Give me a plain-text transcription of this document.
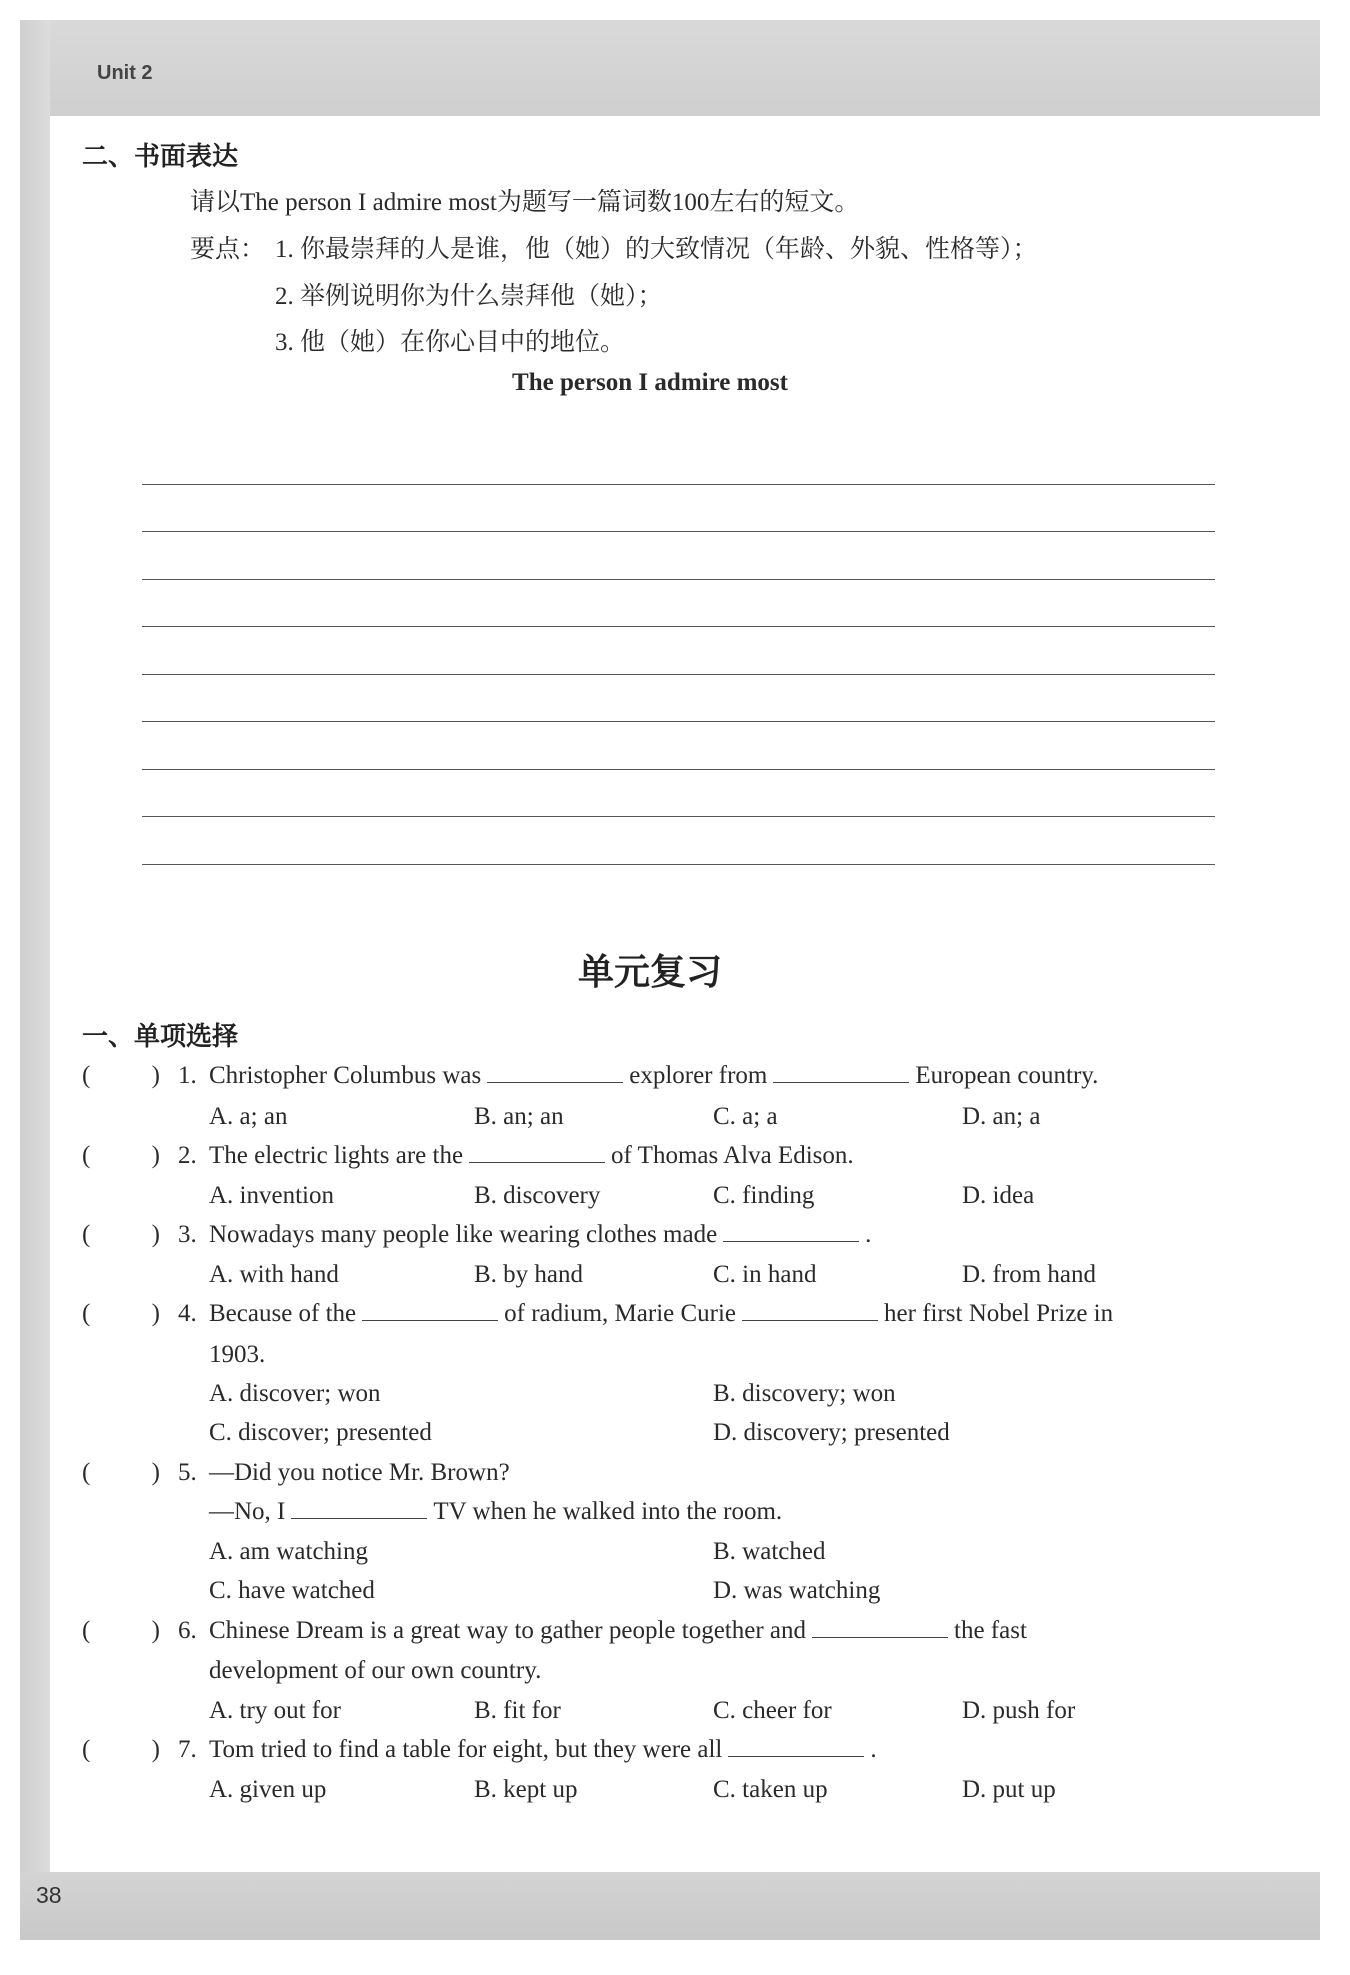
Unit 2
二、书面表达
请以The person I admire most为题写一篇词数100左右的短文。
要点： 1. 你最崇拜的人是谁，他（她）的大致情况（年龄、外貌、性格等）；
2. 举例说明你为什么崇拜他（她）；
3. 他（她）在你心目中的地位。
The person I admire most
单元复习
一、单项选择
( ) 1. Christopher Columbus was	explorer from	European country.
A. a; an	B. an; an	C. a; a	D. an; a
( ) 2. The electric lights are the	of Thomas Alva Edison.
A. invention	B. discovery	C. finding	D. idea
( ) 3. Nowadays many people like wearing clothes made	.
A. with hand	B. by hand	C. in hand	D. from hand
( ) 4. Because of the	of radium, Marie Curie	her first Nobel Prize in
1903.
A. discover; won	B. discovery; won
C. discover; presented	D. discovery; presented
( ) 5. —Did you notice Mr. Brown?
—No, I	TV when he walked into the room.
A. am watching	B. watched
C. have watched	D. was watching
( ) 6. Chinese Dream is a great way to gather people together and	the fast
development of our own country.
A. try out for	B. fit for	C. cheer for	D. push for
( ) 7. Tom tried to find a table for eight, but they were all	.
A. given up	B. kept up	C. taken up	D. put up
38
